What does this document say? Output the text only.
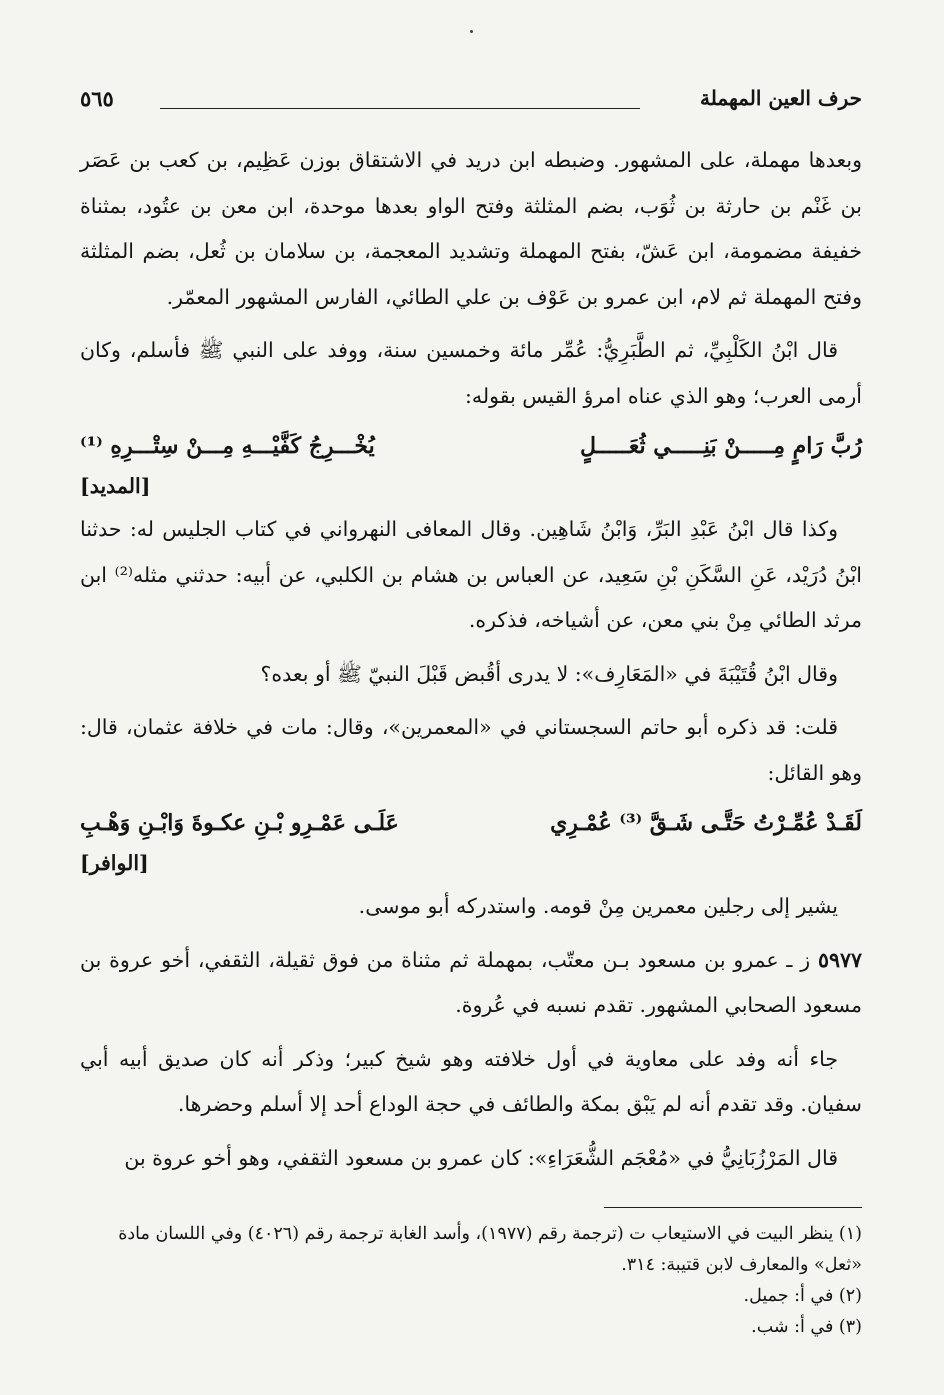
حرف العين المهملة
٥٦٥

وبعدها مهملة، على المشهور. وضبطه ابن دريد في الاشتقاق بوزن عَظِيم، بن كعب بن عَصَر بن غَنْم بن حارثة بن ثُوَب، بضم المثلثة وفتح الواو بعدها موحدة، ابن معن بن عتُود، بمثناة خفيفة مضمومة، ابن عَشّ، بفتح المهملة وتشديد المعجمة، بن سلامان بن ثُعل، بضم المثلثة وفتح المهملة ثم لام، ابن عمرو بن عَوْف بن علي الطائي، الفارس المشهور المعمّر.

قال ابْنُ الكَلْبِيِّ، ثم الطَّبَرِيُّ: عُمِّر مائة وخمسين سنة، ووفد على النبي ﷺ فأسلم، وكان أرمى العرب؛ وهو الذي عناه امرؤ القيس بقوله:

رُبَّ رَامٍ مِـــــنْ بَنِـــــي ثُعَـــــلٍ
يُخْـــرِجُ كَفَّيْـــهِ مِـــنْ سِتْـــرِهِ ⁽¹⁾
[المديد]

وكذا قال ابْنُ عَبْدِ البَرِّ، وَابْنُ شَاهِين. وقال المعافى النهرواني في كتاب الجليس له: حدثنا ابْنُ دُرَيْد، عَنِ السَّكَنِ بْنِ سَعِيد، عن العباس بن هشام بن الكلبي، عن أبيه: حدثني مثله⁽²⁾ ابن مرثد الطائي مِنْ بني معن، عن أشياخه، فذكره.

وقال ابْنُ قُتَيْبَةَ في «المَعَارِف»: لا يدرى أقُبض قَبْلَ النبيّ ﷺ أو بعده؟

قلت: قد ذكره أبو حاتم السجستاني في «المعمرين»، وقال: مات في خلافة عثمان، قال: وهو القائل:

لَقَـدْ عُمِّـرْتُ حَتَّـى شَـقَّ ⁽³⁾ عُمْـرِي
عَلَـى عَمْـرِو بْـنِ عكـوةَ وَابْـنِ وَهْـبِ
[الوافر]

يشير إلى رجلين معمرين مِنْ قومه. واستدركه أبو موسى.

٥٩٧٧ ز ـ عمرو بن مسعود بـن معتّب، بمهملة ثم مثناة من فوق ثقيلة، الثقفي، أخو عروة بن مسعود الصحابي المشهور. تقدم نسبه في عُروة.

جاء أنه وفد على معاوية في أول خلافته وهو شيخ كبير؛ وذكر أنه كان صديق أبيه أبي سفيان. وقد تقدم أنه لم يَبْق بمكة والطائف في حجة الوداع أحد إلا أسلم وحضرها.

قال المَرْزُبَانِيُّ في «مُعْجَم الشُّعَرَاءِ»: كان عمرو بن مسعود الثقفي، وهو أخو عروة بن

(١) ينظر البيت في الاستيعاب ت (ترجمة رقم (١٩٧٧)، وأسد الغابة ترجمة رقم (٤٠٢٦) وفي اللسان مادة

«ثعل» والمعارف لابن قتيبة: ٣١٤.

(٢) في أ: جميل.

(٣) في أ: شب.
